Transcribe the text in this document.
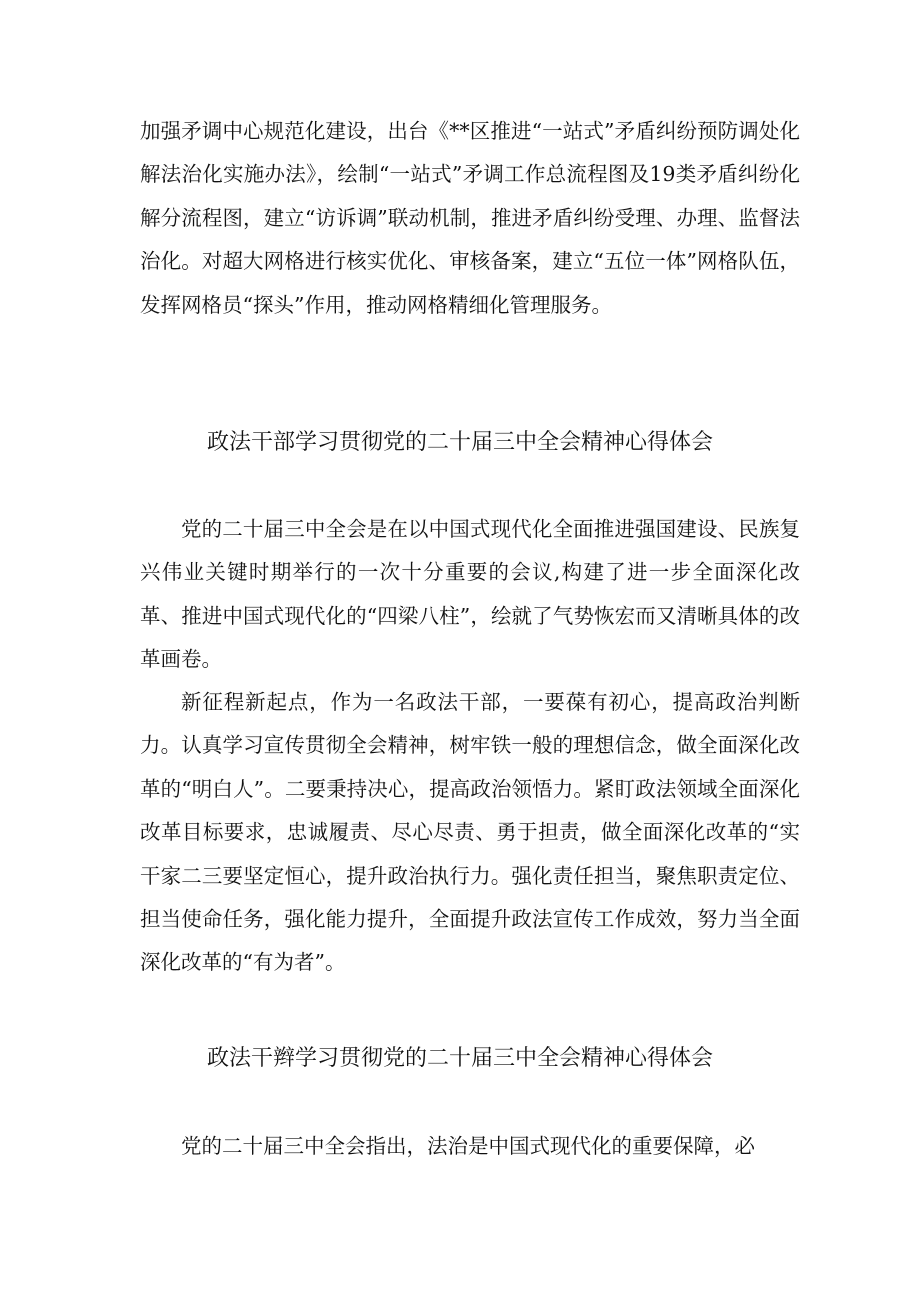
加强矛调中心规范化建设，出台《**区推进“一站式”矛盾纠纷预防调处化解法治化实施办法》，绘制“一站式”矛调工作总流程图及19类矛盾纠纷化解分流程图，建立“访诉调”联动机制，推进矛盾纠纷受理、办理、监督法治化。对超大网格进行核实优化、审核备案，建立“五位一体”网格队伍，发挥网格员“探头”作用，推动网格精细化管理服务。

政法干部学习贯彻党的二十届三中全会精神心得体会

党的二十届三中全会是在以中国式现代化全面推进强国建设、民族复兴伟业关键时期举行的一次十分重要的会议,构建了进一步全面深化改革、推进中国式现代化的“四梁八柱”，绘就了气势恢宏而又清晰具体的改革画卷。

新征程新起点，作为一名政法干部，一要葆有初心，提高政治判断力。认真学习宣传贯彻全会精神，树牢铁一般的理想信念，做全面深化改革的“明白人”。二要秉持决心，提高政治领悟力。紧盯政法领域全面深化改革目标要求，忠诚履责、尽心尽责、勇于担责，做全面深化改革的“实干家二三要坚定恒心，提升政治执行力。强化责任担当，聚焦职责定位、担当使命任务，强化能力提升，全面提升政法宣传工作成效，努力当全面深化改革的“有为者”。

政法干辫学习贯彻党的二十届三中全会精神心得体会

党的二十届三中全会指出，法治是中国式现代化的重要保障，必
